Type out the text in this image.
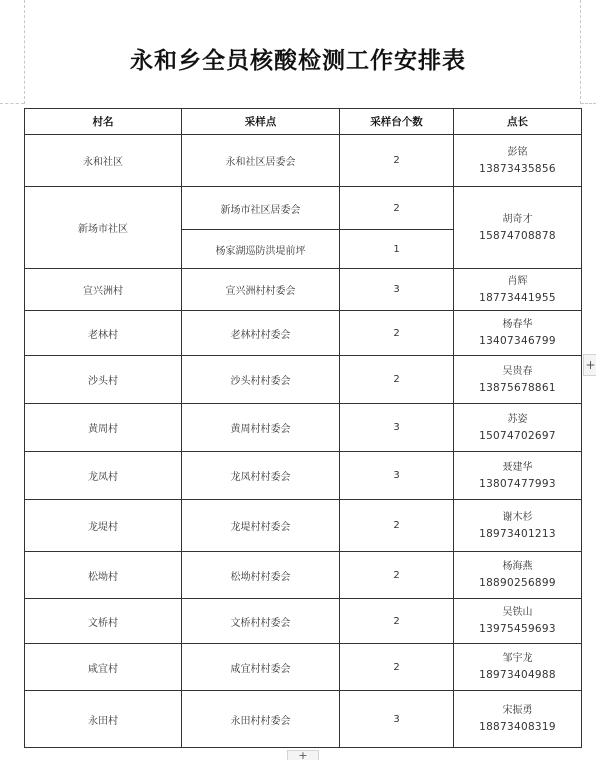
永和乡全员核酸检测工作安排表
村名	采样点	采样台个数	点长
永和社区	永和社区居委会	2	彭铭
13873435856

新场市社区	新场市社区居委会	2	胡奇才
15874708878

	杨家湖巡防洪堤前坪	1	
宣兴洲村	宣兴洲村村委会	3	肖辉
18773441955

老林村	老林村村委会	2	杨春华
13407346799

沙头村	沙头村村委会	2	吴贵春
13875678861

黄周村	黄周村村委会	3	苏姿
15074702697

龙凤村	龙凤村村委会	3	聂建华
13807477993

龙堤村	龙堤村村委会	2	谢木杉
18973401213

松坳村	松坳村村委会	2	杨海燕
18890256899

文桥村	文桥村村委会	2	吴铁山
13975459693

咸宜村	咸宜村村委会	2	邹宇龙
18973404988

永田村	永田村村委会	3	宋振勇
18873408319
+
+
